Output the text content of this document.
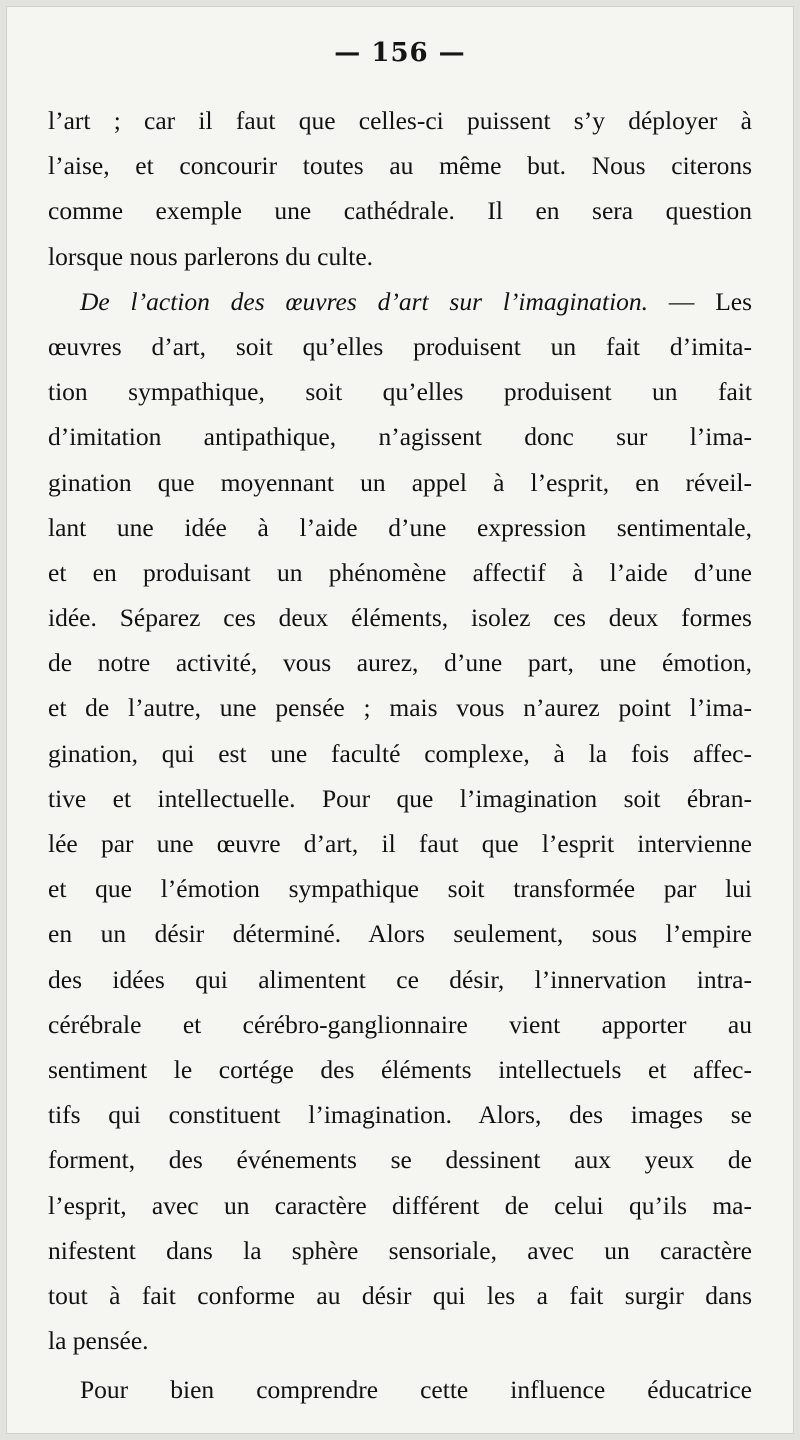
— 156 —
l’art ; car il faut que celles-ci puissent s’y déployer à
l’aise, et concourir toutes au même but. Nous citerons
comme exemple une cathédrale. Il en sera question
lorsque nous parlerons du culte.
De l’action des œuvres d’art sur l’imagination. — Les
œuvres d’art, soit qu’elles produisent un fait d’imita-
tion sympathique, soit qu’elles produisent un fait
d’imitation antipathique, n’agissent donc sur l’ima-
gination que moyennant un appel à l’esprit, en réveil-
lant une idée à l’aide d’une expression sentimentale,
et en produisant un phénomène affectif à l’aide d’une
idée. Séparez ces deux éléments, isolez ces deux formes
de notre activité, vous aurez, d’une part, une émotion,
et de l’autre, une pensée ; mais vous n’aurez point l’ima-
gination, qui est une faculté complexe, à la fois affec-
tive et intellectuelle. Pour que l’imagination soit ébran-
lée par une œuvre d’art, il faut que l’esprit intervienne
et que l’émotion sympathique soit transformée par lui
en un désir déterminé. Alors seulement, sous l’empire
des idées qui alimentent ce désir, l’innervation intra-
cérébrale et cérébro-ganglionnaire vient apporter au
sentiment le cortége des éléments intellectuels et affec-
tifs qui constituent l’imagination. Alors, des images se
forment, des événements se dessinent aux yeux de
l’esprit, avec un caractère différent de celui qu’ils ma-
nifestent dans la sphère sensoriale, avec un caractère
tout à fait conforme au désir qui les a fait surgir dans
la pensée.
Pour bien comprendre cette influence éducatrice
